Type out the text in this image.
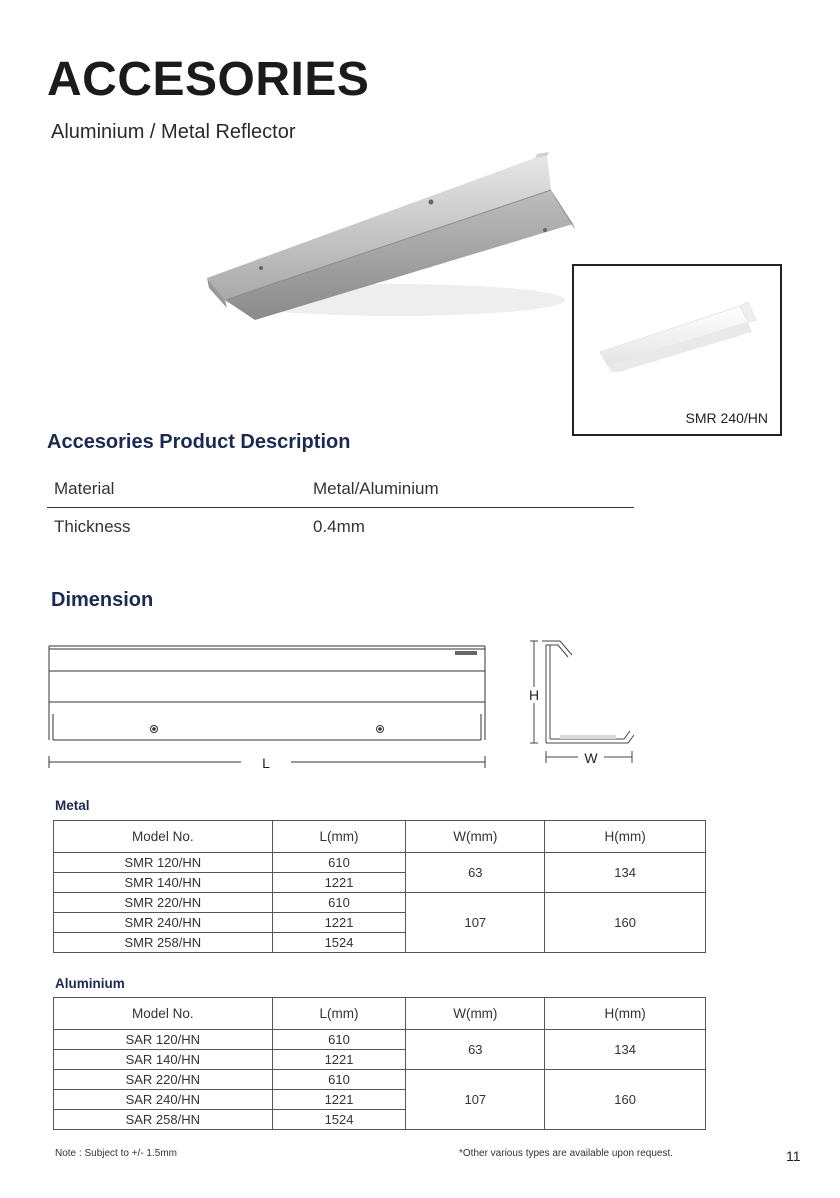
ACCESORIES
Aluminium / Metal Reflector
SMR 240/HN
Accesories Product Description
Material	Metal/Aluminium
Thickness	0.4mm
Dimension
L
H
W
Metal
Model No.	L(mm)	W(mm)	H(mm)
SMR 120/HN	610	63	134
SMR 140/HN	1221		
SMR 220/HN	610	107	160
SMR 240/HN	1221		
SMR 258/HN	1524		
Aluminium
Model No.	L(mm)	W(mm)	H(mm)
SAR 120/HN	610	63	134
SAR 140/HN	1221		
SAR 220/HN	610	107	160
SAR 240/HN	1221		
SAR 258/HN	1524		
Note : Subject to +/- 1.5mm	*Other various types are available upon request.	11
